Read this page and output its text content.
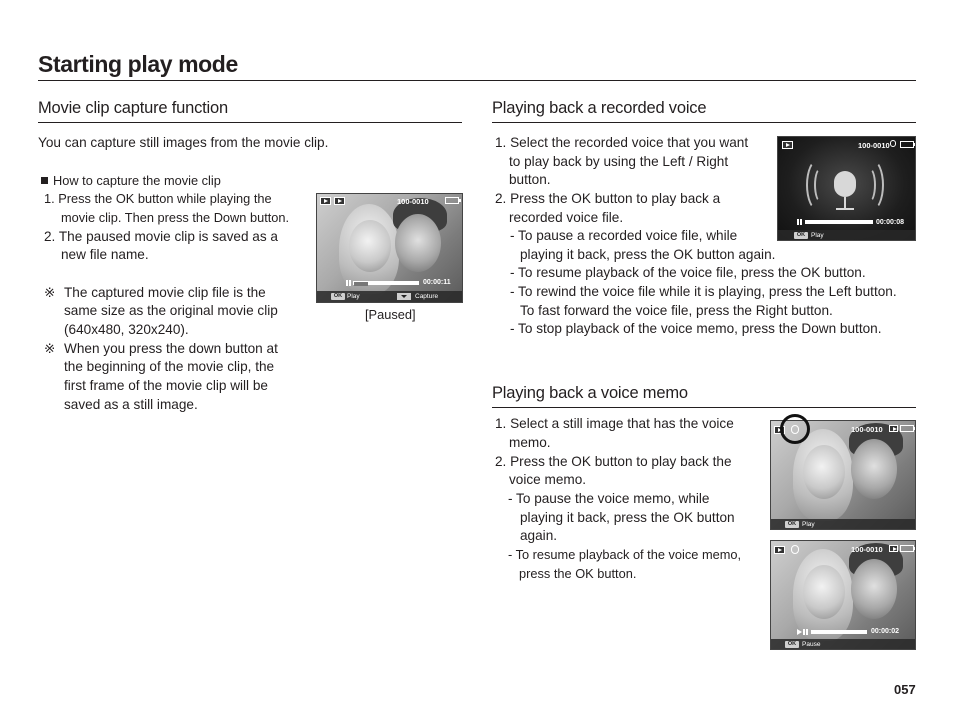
Starting play mode
Movie clip capture function
You can capture still images from the movie clip.
How to capture the movie clip
1. Press the OK button while playing the
movie clip. Then press the Down button.
2. The paused movie clip is saved as a
new file name.
※ The captured movie clip file is the
same size as the original movie clip
(640x480, 320x240).
※ When you press the down button at
the beginning of the movie clip, the
first frame of the movie clip will be
saved as a still image.
100-0010
00:00:11
OK Play	Capture
[Paused]
Playing back a recorded voice
1. Select the recorded voice that you want
to play back by using the Left / Right
button.
2. Press the OK button to play back a
recorded voice file.
- To pause a recorded voice file, while
playing it back, press the OK button again.
- To resume playback of the voice file, press the OK button.
- To rewind the voice file while it is playing, press the Left button.
To fast forward the voice file, press the Right button.
- To stop playback of the voice memo, press the Down button.
100-0010
00:00:08
OK Play
Playing back a voice memo
1. Select a still image that has the voice
memo.
2. Press the OK button to play back the
voice memo.
- To pause the voice memo, while
playing it back, press the OK button
again.
- To resume playback of the voice memo,
press the OK button.
100-0010
OK Play
100-0010
00:00:02
OK Pause
057
